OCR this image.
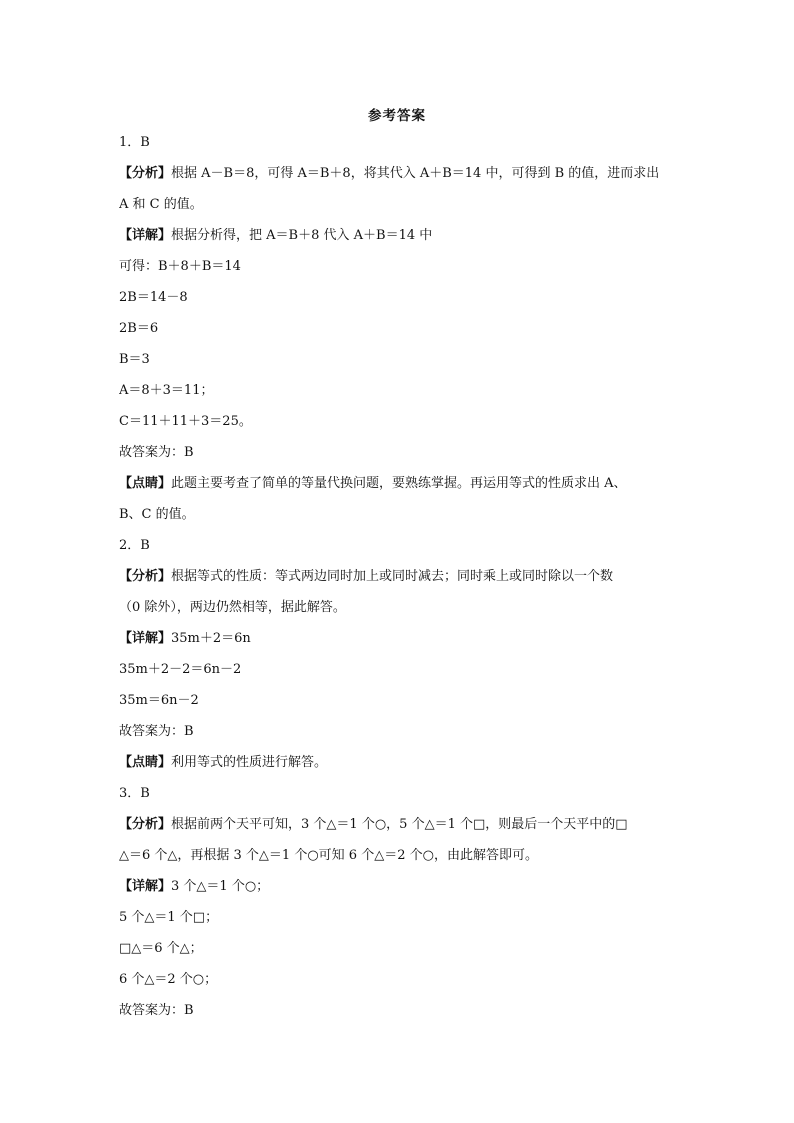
参考答案
1．B
【分析】根据 A－B＝8，可得 A＝B＋8，将其代入 A＋B＝14 中，可得到 B 的值，进而求出
A 和 C 的值。
【详解】根据分析得，把 A＝B＋8 代入 A＋B＝14 中
可得：B＋8＋B＝14
2B＝14－8
2B＝6
B＝3
A＝8＋3＝11；
C＝11＋11＋3＝25。
故答案为：B
【点睛】此题主要考查了简单的等量代换问题，要熟练掌握。再运用等式的性质求出 A、
B、C 的值。
2．B
【分析】根据等式的性质：等式两边同时加上或同时减去；同时乘上或同时除以一个数
（0 除外），两边仍然相等，据此解答。
【详解】35m＋2＝6n
35m＋2－2＝6n－2
35m＝6n－2
故答案为：B
【点睛】利用等式的性质进行解答。
3．B
【分析】根据前两个天平可知，3 个△＝1 个○，5 个△＝1 个□，则最后一个天平中的□
△＝6 个△，再根据 3 个△＝1 个○可知 6 个△＝2 个○，由此解答即可。
【详解】3 个△＝1 个○；
5 个△＝1 个□；
□△＝6 个△；
6 个△＝2 个○；
故答案为：B
